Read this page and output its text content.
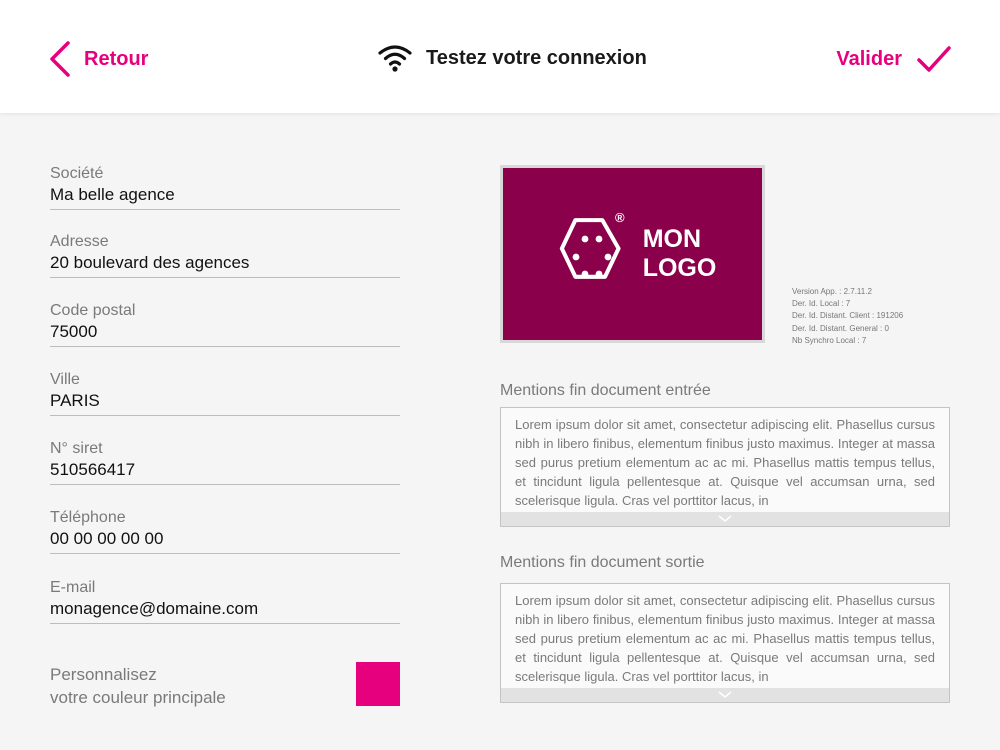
Retour	Testez votre connexion	Valider
Société
Ma belle agence
Adresse
20 boulevard des agences
Code postal
75000
Ville
PARIS
N° siret
510566417
Téléphone
00 00 00 00 00
E-mail
monagence@domaine.com
Personnalisez
votre couleur principale
®
MON
LOGO
Version App. : 2.7.11.2
Der. Id. Local : 7
Der. Id. Distant. Client : 191206
Der. Id. Distant. General : 0
Nb Synchro Local : 7
Mentions fin document entrée
Lorem ipsum dolor sit amet, consectetur adipiscing elit. Phasellus cursus nibh in libero finibus, elementum finibus justo maximus. Integer at massa sed purus pretium elementum ac ac mi. Phasellus mattis tempus tellus, et tincidunt ligula pellentesque at. Quisque vel accumsan urna, sed scelerisque ligula. Cras vel porttitor lacus, in
Mentions fin document sortie
Lorem ipsum dolor sit amet, consectetur adipiscing elit. Phasellus cursus nibh in libero finibus, elementum finibus justo maximus. Integer at massa sed purus pretium elementum ac ac mi. Phasellus mattis tempus tellus, et tincidunt ligula pellentesque at. Quisque vel accumsan urna, sed scelerisque ligula. Cras vel porttitor lacus, in
